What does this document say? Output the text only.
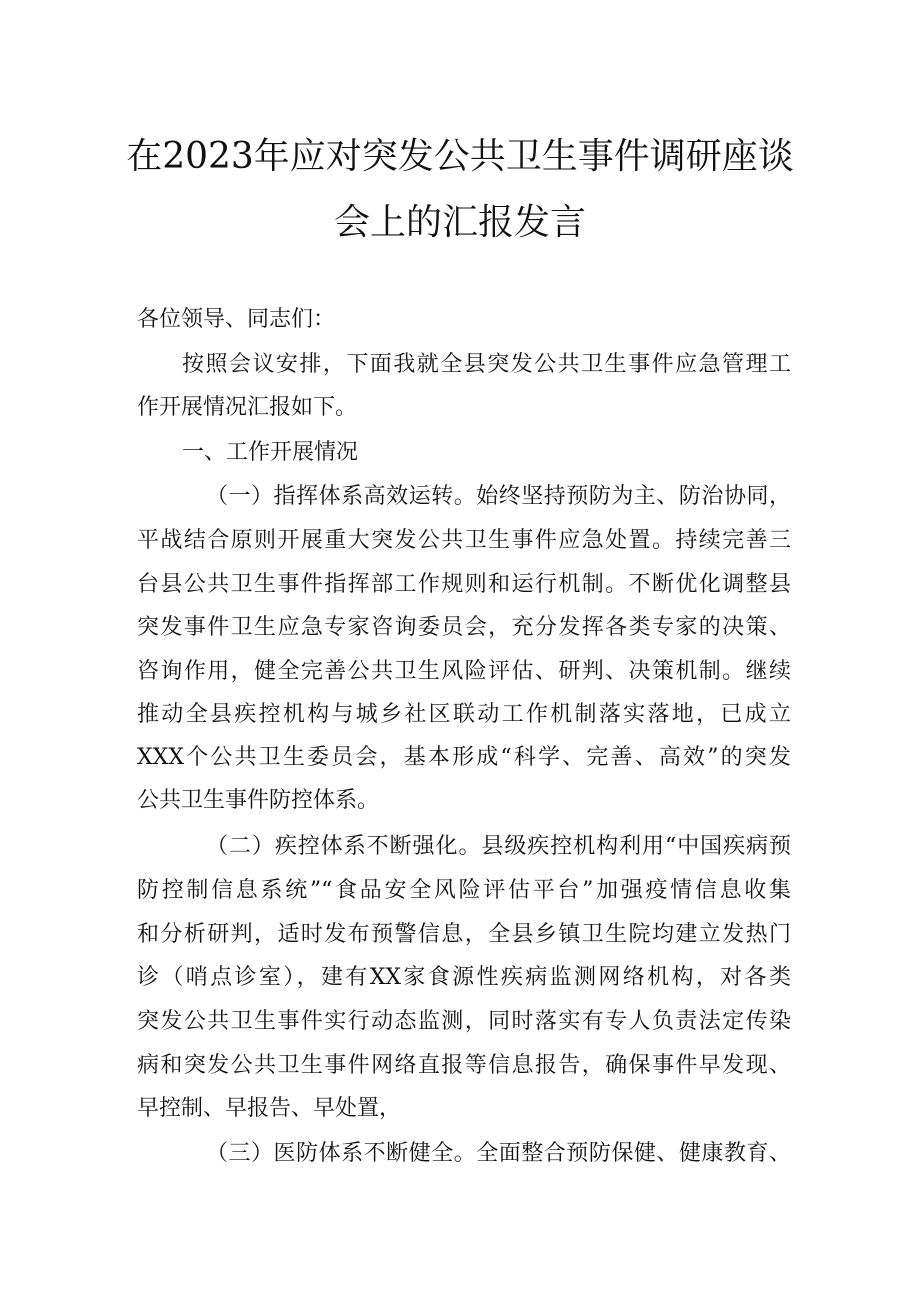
在2023年应对突发公共卫生事件调研座谈
会上的汇报发言
各位领导、同志们：
按照会议安排，下面我就全县突发公共卫生事件应急管理工
作开展情况汇报如下。
一、工作开展情况
（一）指挥体系高效运转。始终坚持预防为主、防治协同，
平战结合原则开展重大突发公共卫生事件应急处置。持续完善三
台县公共卫生事件指挥部工作规则和运行机制。不断优化调整县
突发事件卫生应急专家咨询委员会，充分发挥各类专家的决策、
咨询作用，健全完善公共卫生风险评估、研判、决策机制。继续
推动全县疾控机构与城乡社区联动工作机制落实落地，已成立
XXX个公共卫生委员会，基本形成“科学、完善、高效”的突发
公共卫生事件防控体系。
（二）疾控体系不断强化。县级疾控机构利用“中国疾病预
防控制信息系统”“食品安全风险评估平台”加强疫情信息收集
和分析研判，适时发布预警信息，全县乡镇卫生院均建立发热门
诊（哨点诊室），建有XX家食源性疾病监测网络机构，对各类
突发公共卫生事件实行动态监测，同时落实有专人负责法定传染
病和突发公共卫生事件网络直报等信息报告，确保事件早发现、
早控制、早报告、早处置，
（三）医防体系不断健全。全面整合预防保健、健康教育、
